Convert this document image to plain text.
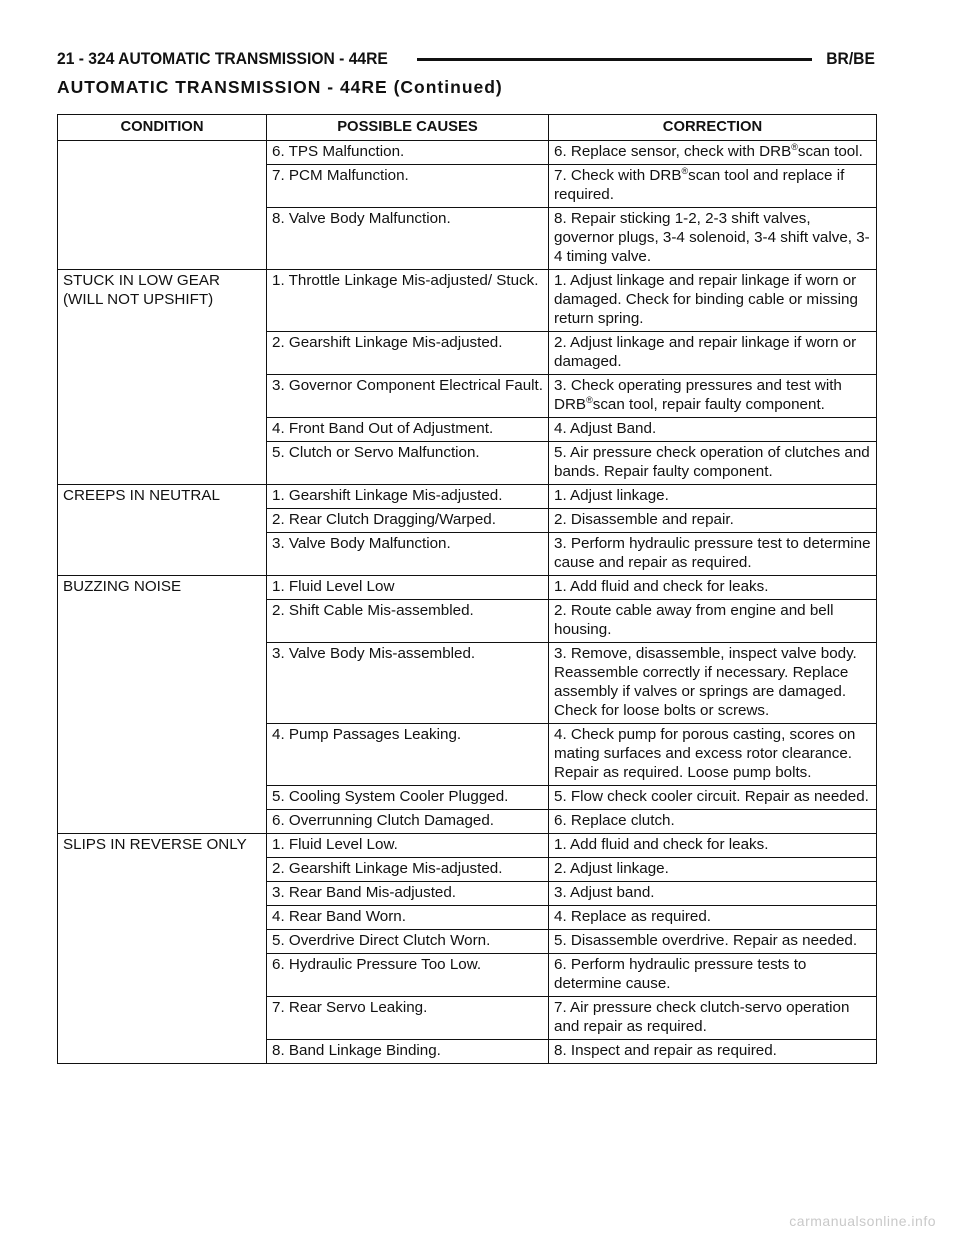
21 - 324 AUTOMATIC TRANSMISSION - 44RE	BR/BE
AUTOMATIC TRANSMISSION - 44RE (Continued)
CONDITION	POSSIBLE CAUSES	CORRECTION
	6. TPS Malfunction.	6. Replace sensor, check with DRB®scan tool.
	7. PCM Malfunction.	7. Check with DRB®scan tool and replace if required.
	8. Valve Body Malfunction.	8. Repair sticking 1-2, 2-3 shift valves, governor plugs, 3-4 solenoid, 3-4 shift valve, 3-4 timing valve.
STUCK IN LOW GEAR (WILL NOT UPSHIFT)	1. Throttle Linkage Mis-adjusted/ Stuck.	1. Adjust linkage and repair linkage if worn or damaged. Check for binding cable or missing return spring.
	2. Gearshift Linkage Mis-adjusted.	2. Adjust linkage and repair linkage if worn or damaged.
	3. Governor Component Electrical Fault.	3. Check operating pressures and test with DRB®scan tool, repair faulty component.
	4. Front Band Out of Adjustment.	4. Adjust Band.
	5. Clutch or Servo Malfunction.	5. Air pressure check operation of clutches and bands. Repair faulty component.
CREEPS IN NEUTRAL	1. Gearshift Linkage Mis-adjusted.	1. Adjust linkage.
	2. Rear Clutch Dragging/Warped.	2. Disassemble and repair.
	3. Valve Body Malfunction.	3. Perform hydraulic pressure test to determine cause and repair as required.
BUZZING NOISE	1. Fluid Level Low	1. Add fluid and check for leaks.
	2. Shift Cable Mis-assembled.	2. Route cable away from engine and bell housing.
	3. Valve Body Mis-assembled.	3. Remove, disassemble, inspect valve body. Reassemble correctly if necessary. Replace assembly if valves or springs are damaged. Check for loose bolts or screws.
	4. Pump Passages Leaking.	4. Check pump for porous casting, scores on mating surfaces and excess rotor clearance. Repair as required. Loose pump bolts.
	5. Cooling System Cooler Plugged.	5. Flow check cooler circuit. Repair as needed.
	6. Overrunning Clutch Damaged.	6. Replace clutch.
SLIPS IN REVERSE ONLY	1. Fluid Level Low.	1. Add fluid and check for leaks.
	2. Gearshift Linkage Mis-adjusted.	2. Adjust linkage.
	3. Rear Band Mis-adjusted.	3. Adjust band.
	4. Rear Band Worn.	4. Replace as required.
	5. Overdrive Direct Clutch Worn.	5. Disassemble overdrive. Repair as needed.
	6. Hydraulic Pressure Too Low.	6. Perform hydraulic pressure tests to determine cause.
	7. Rear Servo Leaking.	7. Air pressure check clutch-servo operation and repair as required.
	8. Band Linkage Binding.	8. Inspect and repair as required.
carmanualsonline.info
